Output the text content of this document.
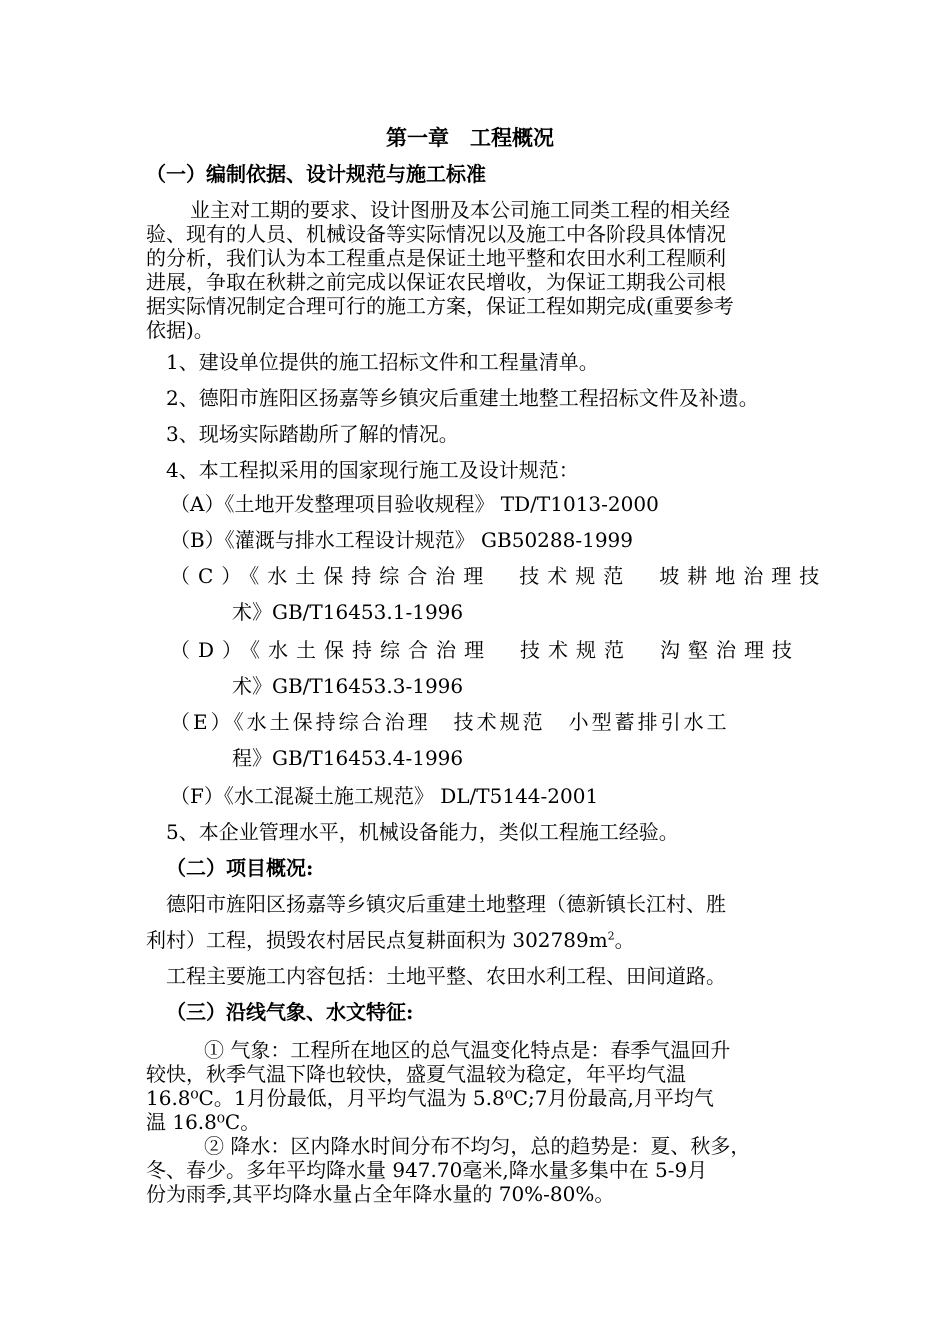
第一章　工程概况
（一）编制依据、设计规范与施工标准
业主对工期的要求、设计图册及本公司施工同类工程的相关经
验、现有的人员、机械设备等实际情况以及施工中各阶段具体情况
的分析，我们认为本工程重点是保证土地平整和农田水利工程顺利
进展，争取在秋耕之前完成以保证农民增收，为保证工期我公司根
据实际情况制定合理可行的施工方案，保证工程如期完成(重要参考
依据)。
1、建设单位提供的施工招标文件和工程量清单。
2、德阳市旌阳区扬嘉等乡镇灾后重建土地整工程招标文件及补遗。
3、现场实际踏勘所了解的情况。
4、本工程拟采用的国家现行施工及设计规范：
（A）《土地开发整理项目验收规程》 TD/T1013-2000
（B）《灌溉与排水工程设计规范》 GB50288-1999
（C）《水土保持综合治理　技术规范　坡耕地治理技
术》GB/T16453.1-1996
（D）《水土保持综合治理　技术规范　沟壑治理技
术》GB/T16453.3-1996
（E）《水土保持综合治理　技术规范　小型蓄排引水工
程》GB/T16453.4-1996
（F）《水工混凝土施工规范》 DL/T5144-2001
5、本企业管理水平，机械设备能力，类似工程施工经验。
（二）项目概况:
德阳市旌阳区扬嘉等乡镇灾后重建土地整理（德新镇长江村、胜
利村）工程，损毁农村居民点复耕面积为 $302789m^2$。
工程主要施工内容包括：土地平整、农田水利工程、田间道路。
（三）沿线气象、水文特征:
① 气象：工程所在地区的总气温变化特点是：春季气温回升
较快，秋季气温下降也较快，盛夏气温较为稳定，年平均气温
16.8⁰C。1月份最低，月平均气温为 5.8⁰C;7月份最高,月平均气
温 16.8⁰C。
② 降水：区内降水时间分布不均匀，总的趋势是：夏、秋多，
冬、春少。多年平均降水量 947.70毫米,降水量多集中在 5-9月
份为雨季,其平均降水量占全年降水量的 70%-80%。
